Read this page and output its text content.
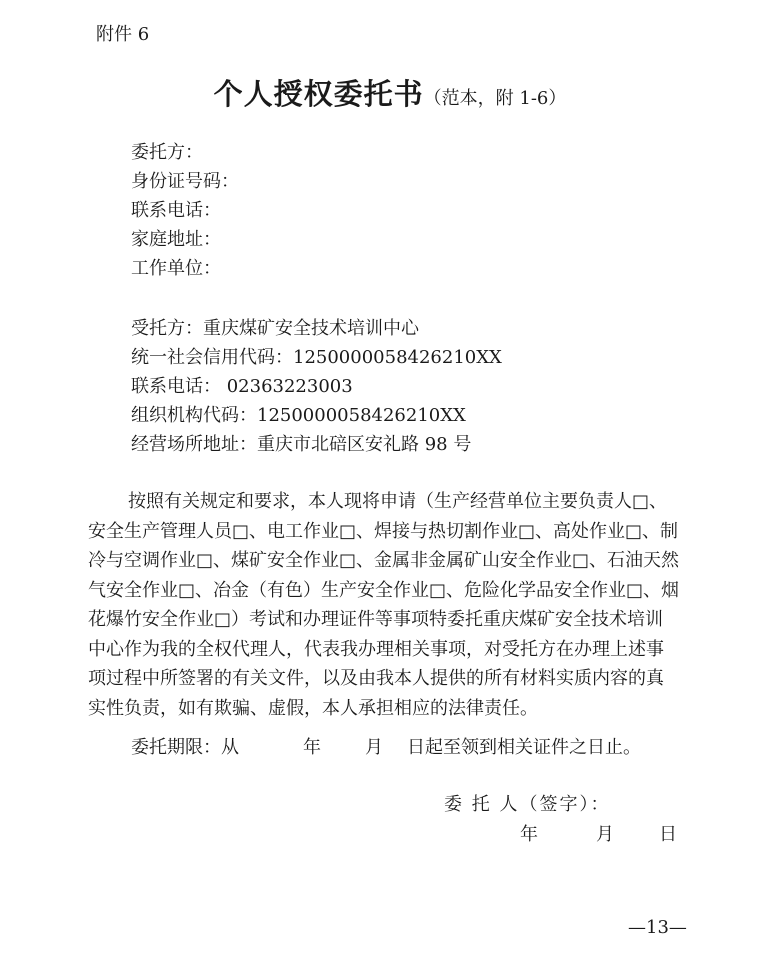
附件 6
个人授权委托书（范本，附 1-6）
委托方：
身份证号码：
联系电话：
家庭地址：
工作单位：
受托方：重庆煤矿安全技术培训中心
统一社会信用代码：1250000058426210XX
联系电话： 02363223003
组织机构代码：1250000058426210XX
经营场所地址：重庆市北碚区安礼路 98 号
按照有关规定和要求，本人现将申请（生产经营单位主要负责人□、
安全生产管理人员□、电工作业□、焊接与热切割作业□、高处作业□、制
冷与空调作业□、煤矿安全作业□、金属非金属矿山安全作业□、石油天然
气安全作业□、冶金（有色）生产安全作业□、危险化学品安全作业□、烟
花爆竹安全作业□）考试和办理证件等事项特委托重庆煤矿安全技术培训
中心作为我的全权代理人，代表我办理相关事项，对受托方在办理上述事
项过程中所签署的有关文件，以及由我本人提供的所有材料实质内容的真
实性负责，如有欺骗、虚假，本人承担相应的法律责任。
委托期限：从	年 月 日起至领到相关证件之日止。
委 托 人（签字）：
年	月	日
—13—
